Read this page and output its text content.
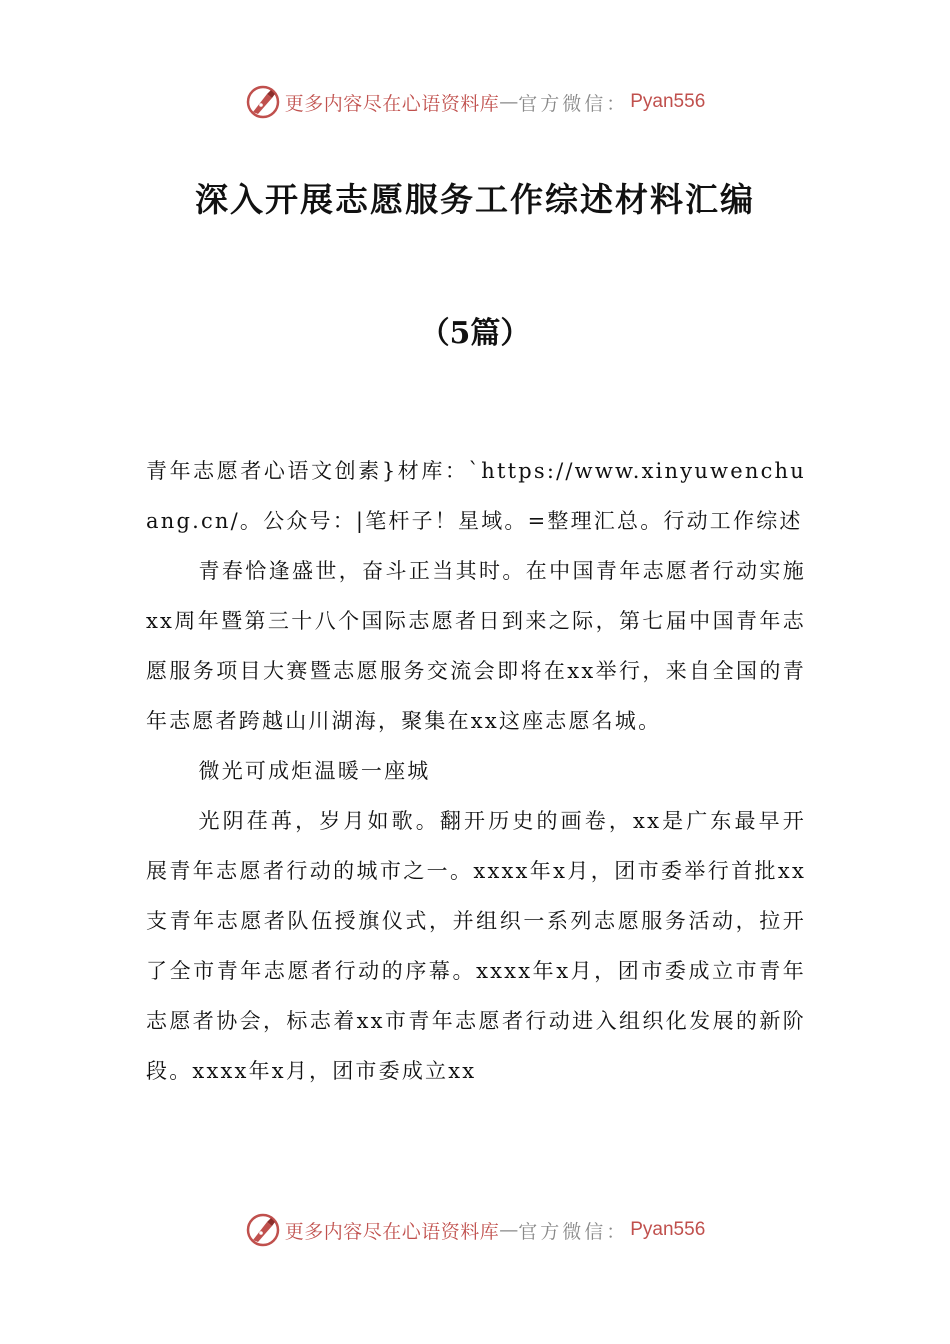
更多内容尽在心语资料库 — 官方微信： Pyan556
深入开展志愿服务工作综述材料汇编
（5篇）

青年志愿者心语文创素}材库：`https://www.xinyuwenchuang.cn/。公众号：|笔杆子！星域。=整理汇总。行动工作综述

青春恰逢盛世，奋斗正当其时。在中国青年志愿者行动实施xx周年暨第三十八个国际志愿者日到来之际，第七届中国青年志愿服务项目大赛暨志愿服务交流会即将在xx举行，来自全国的青年志愿者跨越山川湖海，聚集在xx这座志愿名城。

微光可成炬温暖一座城

光阴荏苒，岁月如歌。翻开历史的画卷，xx是广东最早开展青年志愿者行动的城市之一。xxxx年x月，团市委举行首批xx支青年志愿者队伍授旗仪式，并组织一系列志愿服务活动，拉开了全市青年志愿者行动的序幕。xxxx年x月，团市委成立市青年志愿者协会，标志着xx市青年志愿者行动进入组织化发展的新阶段。xxxx年x月，团市委成立xx

更多内容尽在心语资料库 — 官方微信： Pyan556
